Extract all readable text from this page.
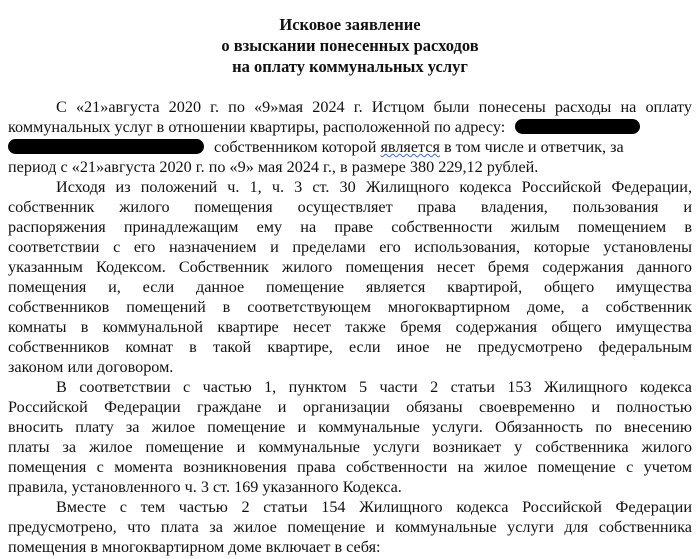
Исковое заявление

о взыскании понесенных расходов

на оплату коммунальных услуг

С «21»августа 2020 г. по «9»мая 2024 г. Истцом были понесены расходы на оплату

коммунальных услуг в отношении квартиры, расположенной по адресу:

собственником которой является в том числе и ответчик, за

период с «21»августа 2020 г. по «9» мая 2024 г., в размере 380 229,12 рублей.

Исходя из положений ч. 1, ч. 3 ст. 30 Жилищного кодекса Российской Федерации,

собственник жилого помещения осуществляет права владения, пользования и

распоряжения принадлежащим ему на праве собственности жилым помещением в

соответствии с его назначением и пределами его использования, которые установлены

указанным Кодексом. Собственник жилого помещения несет бремя содержания данного

помещения и, если данное помещение является квартирой, общего имущества

собственников помещений в соответствующем многоквартирном доме, а собственник

комнаты в коммунальной квартире несет также бремя содержания общего имущества

собственников комнат в такой квартире, если иное не предусмотрено федеральным

законом или договором.

В соответствии с частью 1, пунктом 5 части 2 статьи 153 Жилищного кодекса

Российской Федерации граждане и организации обязаны своевременно и полностью

вносить плату за жилое помещение и коммунальные услуги. Обязанность по внесению

платы за жилое помещение и коммунальные услуги возникает у собственника жилого

помещения с момента возникновения права собственности на жилое помещение с учетом

правила, установленного ч. 3 ст. 169 указанного Кодекса.

Вместе с тем частью 2 статьи 154 Жилищного кодекса Российской Федерации

предусмотрено, что плата за жилое помещение и коммунальные услуги для собственника

помещения в многоквартирном доме включает в себя:
